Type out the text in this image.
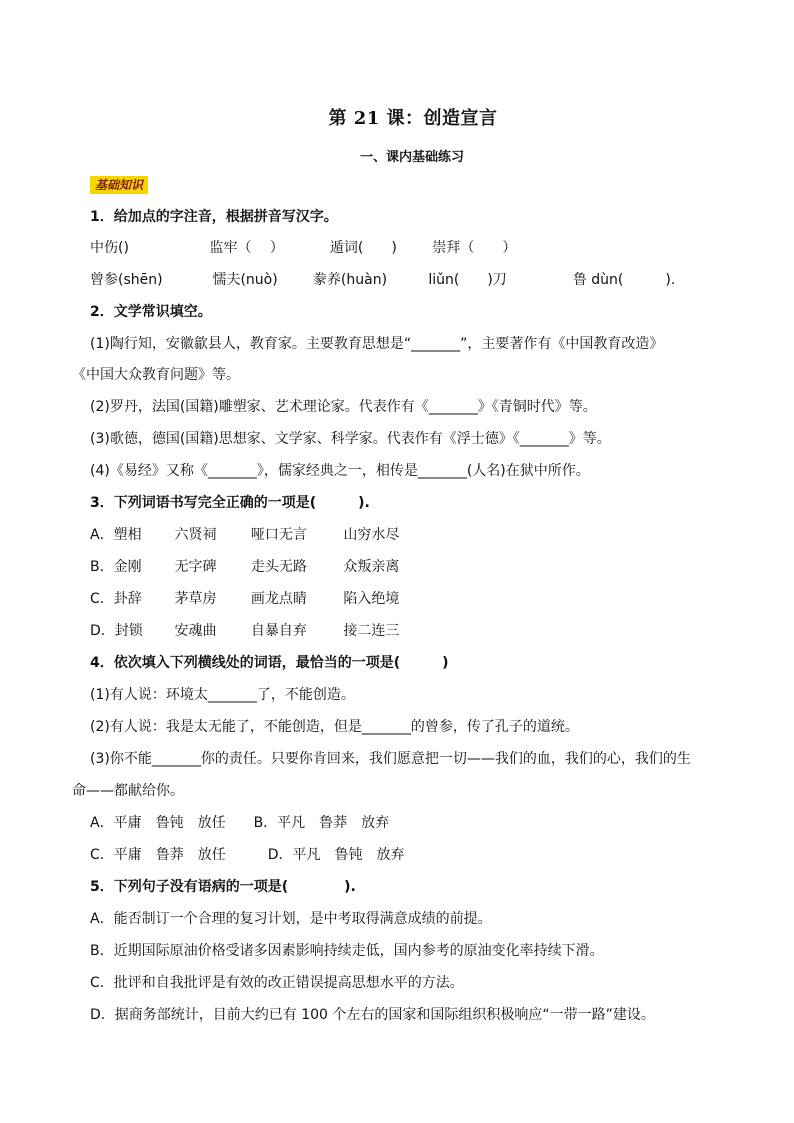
第 21 课：创造宣言
一、课内基础练习
基础知识
1．给加点的字注音，根据拼音写汉字。
中伤()	监牢（　 ）	遁词(　　)	崇拜（　　）
曾参(shēn)	懦夫(nuò)	豢养(huàn)	liǔn(　　)刀	鲁 dùn(　　　).
2．文学常识填空。
(1)陶行知，安徽歙县人，教育家。主要教育思想是“_______”，主要著作有《中国教育改造》
《中国大众教育问题》等。
(2)罗丹，法国(国籍)雕塑家、艺术理论家。代表作有《_______》《青铜时代》等。
(3)歌德，德国(国籍)思想家、文学家、科学家。代表作有《浮士德》《_______》等。
(4)《易经》又称《_______》，儒家经典之一，相传是_______(人名)在狱中所作。
3．下列词语书写完全正确的一项是(　　　).
A．塑相 六贤祠 哑口无言	山穷水尽
B．金刚 无字碑 走头无路	众叛亲离
C．卦辞 茅草房 画龙点睛	陷入绝境
D．封锁 安魂曲 自暴自弃	接二连三
4．依次填入下列横线处的词语，最恰当的一项是(　　　)
(1)有人说：环境太_______了，不能创造。
(2)有人说：我是太无能了，不能创造，但是_______的曾参，传了孔子的道统。
(3)你不能_______你的责任。只要你肯回来，我们愿意把一切——我们的血，我们的心，我们的生
命——都献给你。
A．平庸　鲁钝　放任　　B．平凡　鲁莽　放弃
C．平庸　鲁莽　放任　　　D．平凡　鲁钝　放弃
5．下列句子没有语病的一项是(　　　　).
A．能否制订一个合理的复习计划，是中考取得满意成绩的前提。
B．近期国际原油价格受诸多因素影响持续走低，国内参考的原油变化率持续下滑。
C．批评和自我批评是有效的改正错误提高思想水平的方法。
D．据商务部统计，目前大约已有 100 个左右的国家和国际组织积极响应“一带一路”建设。
